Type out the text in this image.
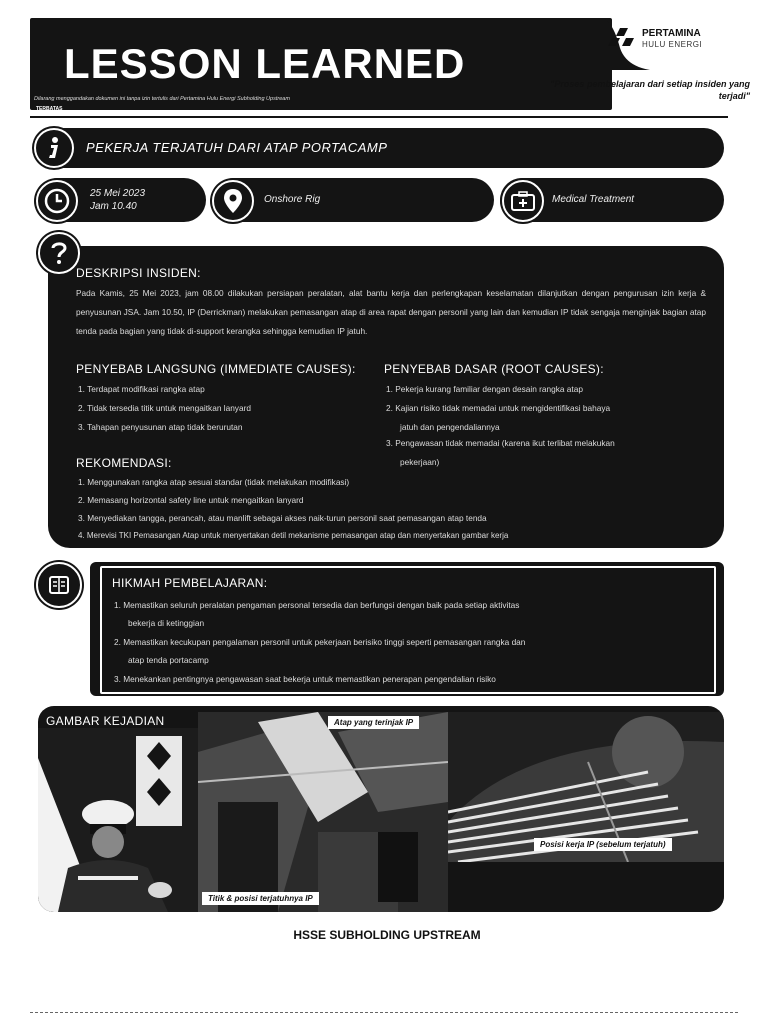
LESSON LEARNED
Dilarang menggandakan dokumen ini tanpa izin tertulis dari Pertamina Hulu Energi Subholding Upstream
TERBATAS
PERTAMINA
HULU ENERGI
"Proses pembelajaran dari setiap insiden yang terjadi"
PEKERJA TERJATUH DARI ATAP PORTACAMP
25 Mei 2023
Jam 10.40
Onshore Rig	Medical Treatment
DESKRIPSI INSIDEN:
Pada Kamis, 25 Mei 2023, jam 08.00 dilakukan persiapan peralatan, alat bantu kerja dan perlengkapan keselamatan dilanjutkan dengan pengurusan izin kerja & penyusunan JSA. Jam 10.50, IP (Derrickman) melakukan pemasangan atap di area rapat dengan personil yang lain dan kemudian IP tidak sengaja menginjak bagian atap tenda pada bagian yang tidak di-support kerangka sehingga kemudian IP jatuh.
PENYEBAB LANGSUNG (IMMEDIATE CAUSES):
1. Terdapat modifikasi rangka atap
2. Tidak tersedia titik untuk mengaitkan lanyard
3. Tahapan penyusunan atap tidak berurutan
PENYEBAB DASAR (ROOT CAUSES):
1. Pekerja kurang familiar dengan desain rangka atap
2. Kajian risiko tidak memadai untuk mengidentifikasi bahaya
jatuh dan pengendaliannya
3. Pengawasan tidak memadai (karena ikut terlibat melakukan
pekerjaan)
REKOMENDASI:
1. Menggunakan rangka atap sesuai standar (tidak melakukan modifikasi)
2. Memasang horizontal safety line untuk mengaitkan lanyard
3. Menyediakan tangga, perancah, atau manlift sebagai akses naik-turun personil saat pemasangan atap tenda
4. Merevisi TKI Pemasangan Atap untuk menyertakan detil mekanisme pemasangan atap dan menyertakan gambar kerja
HIKMAH PEMBELAJARAN:
1. Memastikan seluruh peralatan pengaman personal tersedia dan berfungsi dengan baik pada setiap aktivitas
bekerja di ketinggian
2. Memastikan kecukupan pengalaman personil untuk pekerjaan berisiko tinggi seperti pemasangan rangka dan
atap tenda portacamp
3. Menekankan pentingnya pengawasan saat bekerja untuk memastikan penerapan pengendalian risiko
GAMBAR KEJADIAN	Atap yang terinjak IP
Titik & posisi terjatuhnya IP
Posisi kerja IP (sebelum terjatuh)
HSSE SUBHOLDING UPSTREAM
